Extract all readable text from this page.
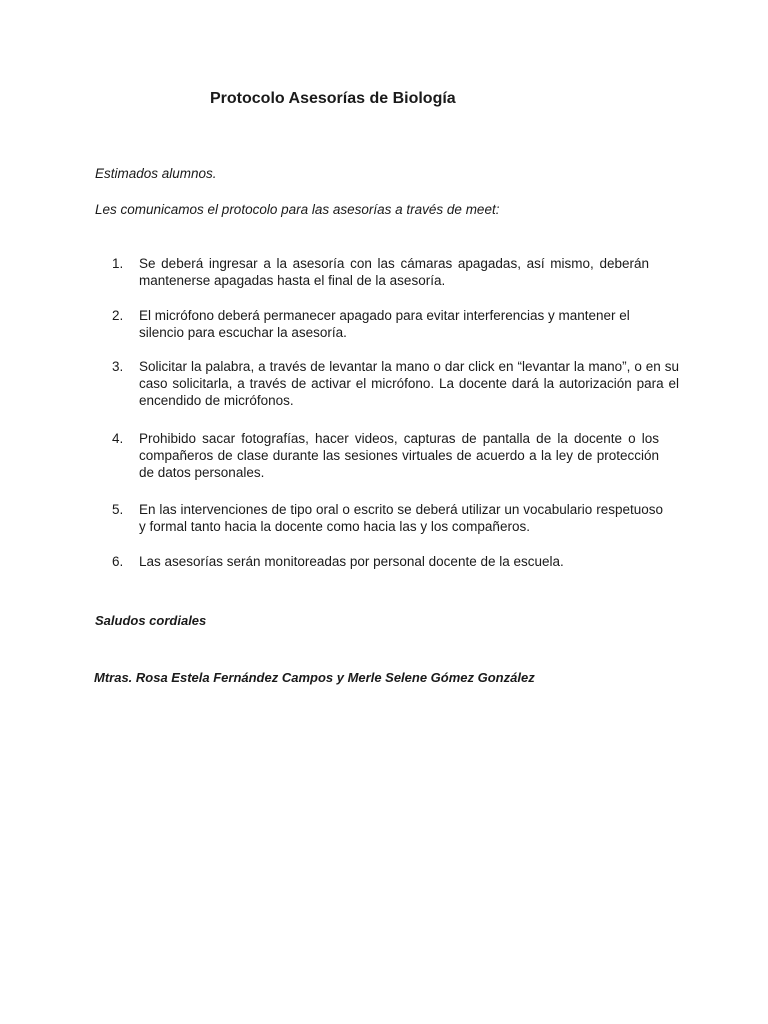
Protocolo Asesorías de Biología

Estimados alumnos.

Les comunicamos el protocolo para las asesorías a través de meet:

1.	Se deberá ingresar a la asesoría con las cámaras apagadas, así mismo, deberán mantenerse apagadas hasta el final de la asesoría.
2.	El micrófono deberá permanecer apagado para evitar interferencias y mantener el silencio para escuchar la asesoría.
3.	Solicitar la palabra, a través de levantar la mano o dar click en “levantar la mano”, o en su caso solicitarla, a través de activar el micrófono. La docente dará la autorización para el encendido de micrófonos.
4.	Prohibido sacar fotografías, hacer videos, capturas de pantalla de la docente o los compañeros de clase durante las sesiones virtuales de acuerdo a la ley de protección de datos personales.
5.	En las intervenciones de tipo oral o escrito se deberá utilizar un vocabulario respetuoso y formal tanto hacia la docente como hacia las y los compañeros.
6.	Las asesorías serán monitoreadas por personal docente de la escuela.

Saludos cordiales

Mtras. Rosa Estela Fernández Campos y Merle Selene Gómez González
